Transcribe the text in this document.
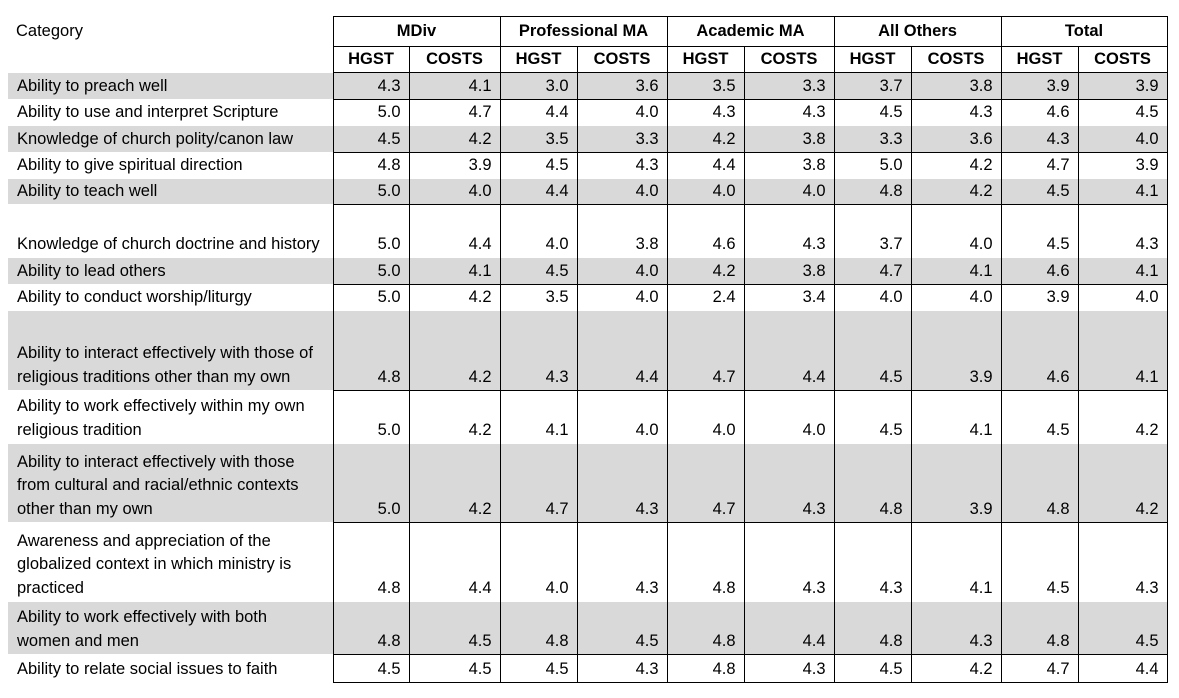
Category	MDiv		Professional MA		Academic MA		All Others		Total	
	HGST	COSTS	HGST	COSTS	HGST	COSTS	HGST	COSTS	HGST	COSTS
Ability to preach well	4.3	4.1	3.0	3.6	3.5	3.3	3.7	3.8	3.9	3.9
Ability to use and interpret Scripture	5.0	4.7	4.4	4.0	4.3	4.3	4.5	4.3	4.6	4.5
Knowledge of church polity/canon law	4.5	4.2	3.5	3.3	4.2	3.8	3.3	3.6	4.3	4.0
Ability to give spiritual direction	4.8	3.9	4.5	4.3	4.4	3.8	5.0	4.2	4.7	3.9
Ability to teach well	5.0	4.0	4.4	4.0	4.0	4.0	4.8	4.2	4.5	4.1
Knowledge of church doctrine and history	5.0	4.4	4.0	3.8	4.6	4.3	3.7	4.0	4.5	4.3
Ability to lead others	5.0	4.1	4.5	4.0	4.2	3.8	4.7	4.1	4.6	4.1
Ability to conduct worship/liturgy	5.0	4.2	3.5	4.0	2.4	3.4	4.0	4.0	3.9	4.0
Ability to interact effectively with those of religious traditions other than my own	4.8	4.2	4.3	4.4	4.7	4.4	4.5	3.9	4.6	4.1
Ability to work effectively within my own religious tradition	5.0	4.2	4.1	4.0	4.0	4.0	4.5	4.1	4.5	4.2
Ability to interact effectively with those from cultural and racial/ethnic contexts other than my own	5.0	4.2	4.7	4.3	4.7	4.3	4.8	3.9	4.8	4.2
Awareness and appreciation of the globalized context in which ministry is practiced	4.8	4.4	4.0	4.3	4.8	4.3	4.3	4.1	4.5	4.3
Ability to work effectively with both women and men	4.8	4.5	4.8	4.5	4.8	4.4	4.8	4.3	4.8	4.5
Ability to relate social issues to faith	4.5	4.5	4.5	4.3	4.8	4.3	4.5	4.2	4.7	4.4
